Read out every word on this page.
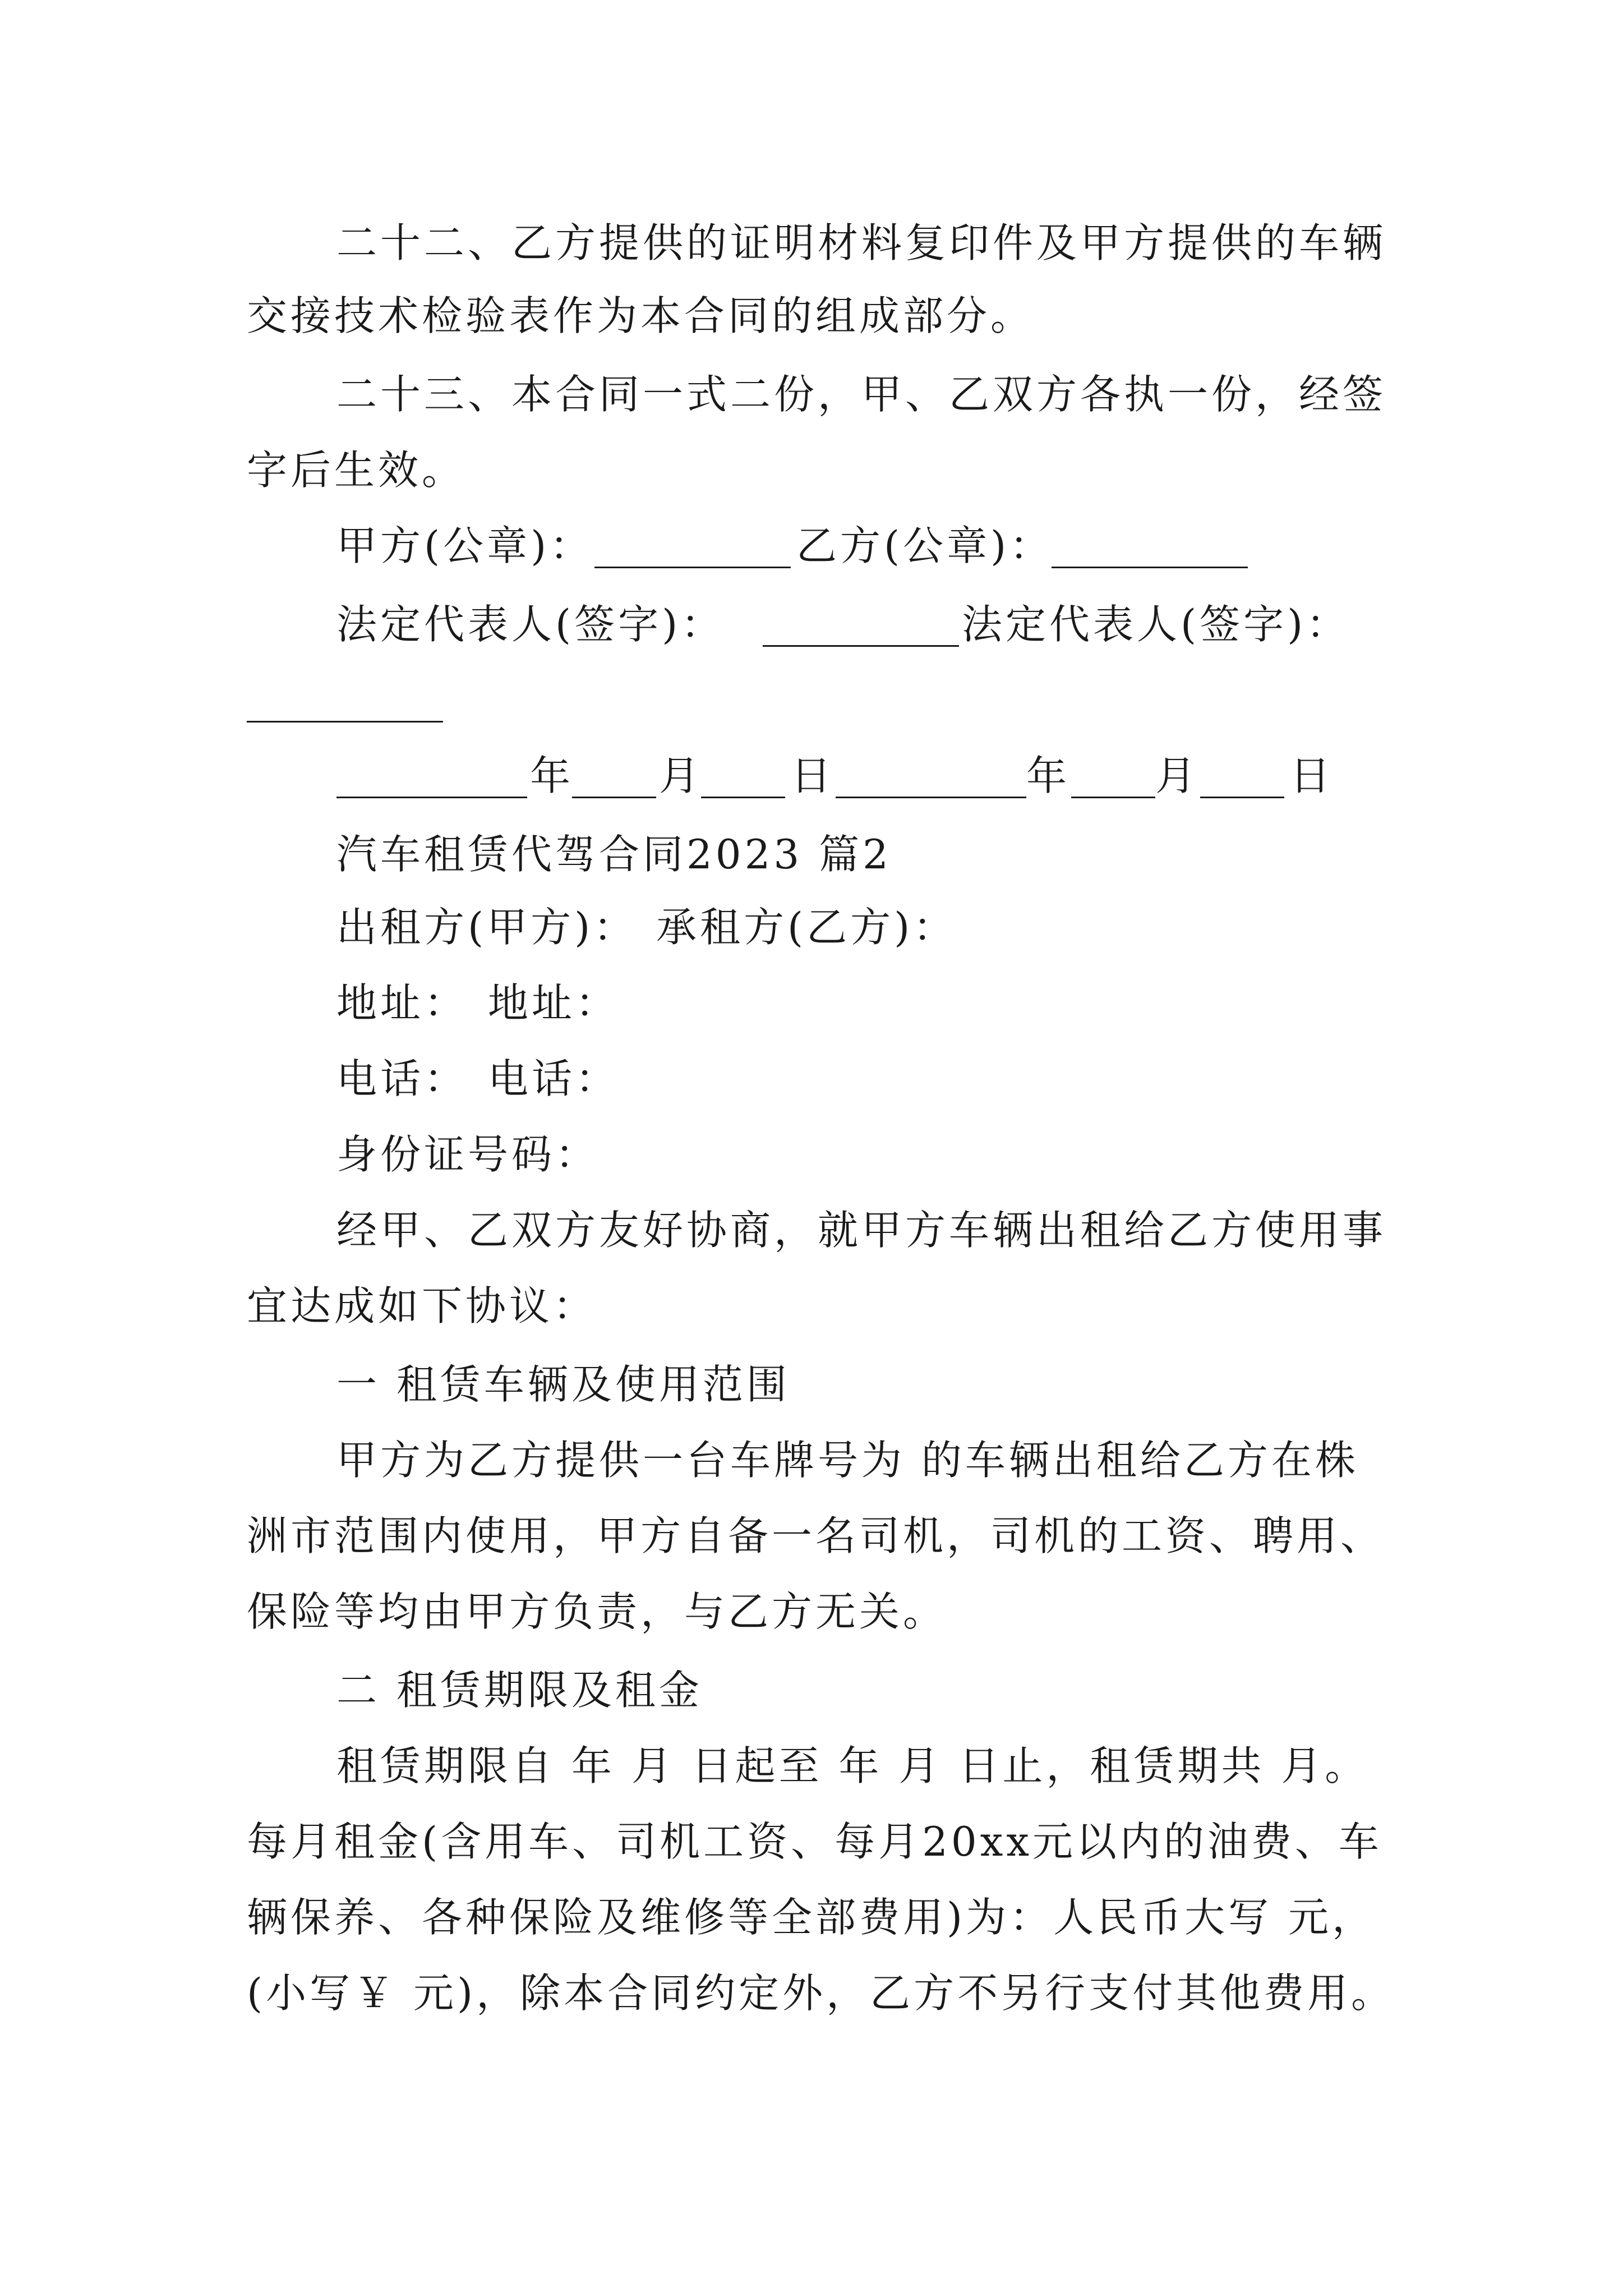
二十二、乙方提供的证明材料复印件及甲方提供的车辆
交接技术检验表作为本合同的组成部分。
二十三、本合同一式二份，甲、乙双方各执一份，经签
字后生效。
甲方(公章)：	乙方(公章)：
法定代表人(签字)：	法定代表人(签字)：
年 月 日	年 月 日
汽车租赁代驾合同2023 篇2
出租方(甲方)： 承租方(乙方)：
地址： 地址：
电话： 电话：
身份证号码：
经甲、乙双方友好协商，就甲方车辆出租给乙方使用事
宜达成如下协议：
一 租赁车辆及使用范围
甲方为乙方提供一台车牌号为 的车辆出租给乙方在株
洲市范围内使用，甲方自备一名司机，司机的工资、聘用、
保险等均由甲方负责，与乙方无关。
二 租赁期限及租金
租赁期限自 年 月 日起至 年 月 日止，租赁期共 月。
每月租金(含用车、司机工资、每月20xx元以内的油费、车
辆保养、各种保险及维修等全部费用)为：人民币大写 元，
(小写￥ 元)，除本合同约定外，乙方不另行支付其他费用。
